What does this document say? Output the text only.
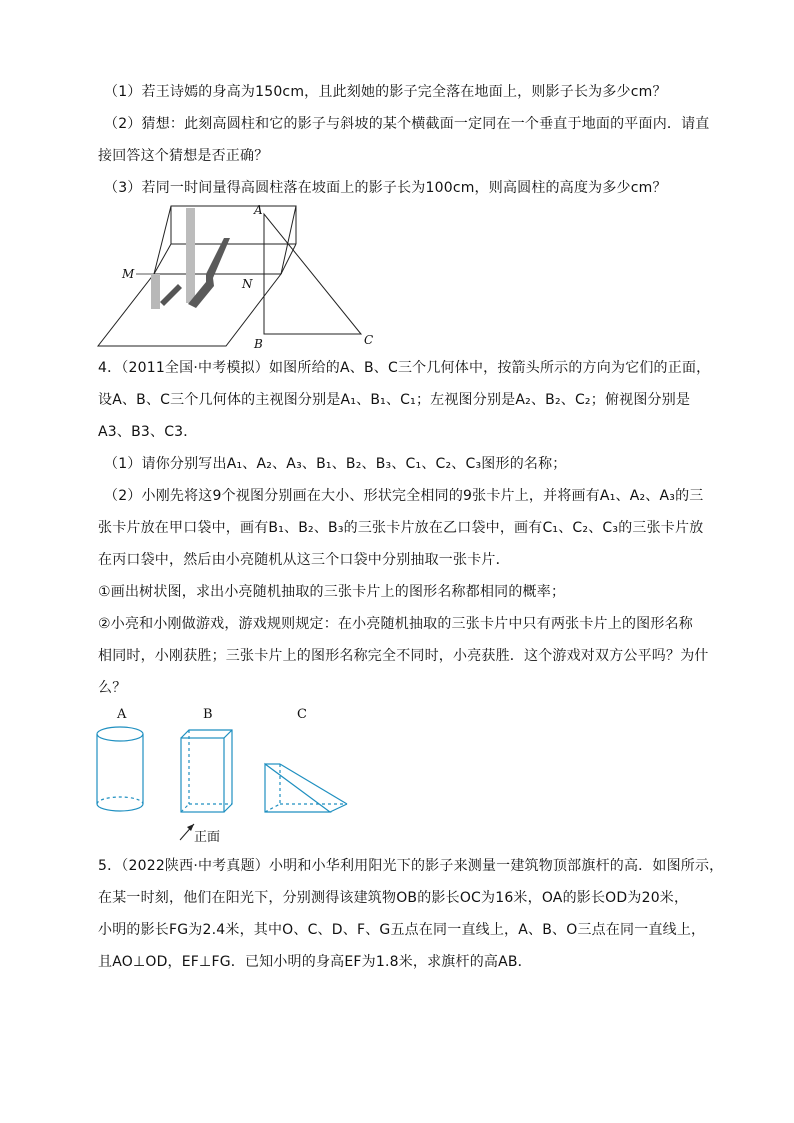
（1）若王诗嫣的身高为150cm，且此刻她的影子完全落在地面上，则影子长为多少cm？
（2）猜想：此刻高圆柱和它的影子与斜坡的某个横截面一定同在一个垂直于地面的平面内．请直
接回答这个猜想是否正确？
（3）若同一时间量得高圆柱落在坡面上的影子长为100cm，则高圆柱的高度为多少cm？
M
N
A
B	C
4．（2011全国·中考模拟）如图所给的A、B、C三个几何体中，按箭头所示的方向为它们的正面，
设A、B、C三个几何体的主视图分别是A₁、B₁、C₁；左视图分别是A₂、B₂、C₂；俯视图分别是
A3、B3、C3．
（1）请你分别写出A₁、A₂、A₃、B₁、B₂、B₃、C₁、C₂、C₃图形的名称；
（2）小刚先将这9个视图分别画在大小、形状完全相同的9张卡片上，并将画有A₁、A₂、A₃的三
张卡片放在甲口袋中，画有B₁、B₂、B₃的三张卡片放在乙口袋中，画有C₁、C₂、C₃的三张卡片放
在丙口袋中，然后由小亮随机从这三个口袋中分别抽取一张卡片．
①画出树状图，求出小亮随机抽取的三张卡片上的图形名称都相同的概率；
②小亮和小刚做游戏，游戏规则规定：在小亮随机抽取的三张卡片中只有两张卡片上的图形名称
相同时，小刚获胜；三张卡片上的图形名称完全不同时，小亮获胜．这个游戏对双方公平吗？为什
么？
A	B	C
正面
5．（2022陕西·中考真题）小明和小华利用阳光下的影子来测量一建筑物顶部旗杆的高．如图所示，
在某一时刻，他们在阳光下，分别测得该建筑物OB的影长OC为16米，OA的影长OD为20米，
小明的影长FG为2.4米，其中O、C、D、F、G五点在同一直线上，A、B、O三点在同一直线上，
且AO⊥OD，EF⊥FG．已知小明的身高EF为1.8米，求旗杆的高AB．
